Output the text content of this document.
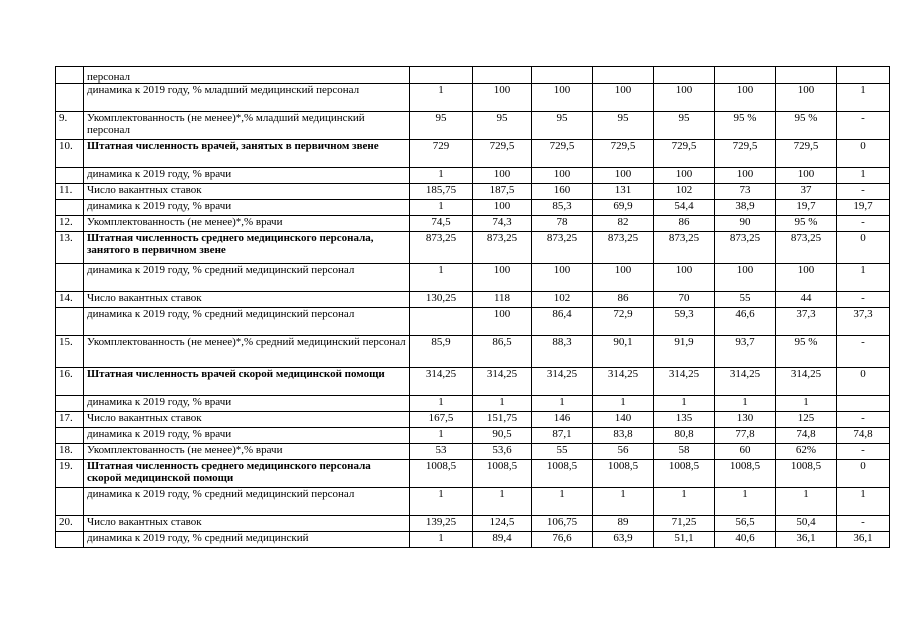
	персонал								
	динамика к 2019 году, % младший медицинский персонал	1	100	100	100	100	100	100	1
9.	Укомплектованность (не менее)*,% младший медицинский персонал	95	95	95	95	95	95 %	95 %	-
10.	Штатная численность врачей, занятых в первичном звене	729	729,5	729,5	729,5	729,5	729,5	729,5	0
	динамика к 2019 году, % врачи	1	100	100	100	100	100	100	1
11.	Число вакантных ставок	185,75	187,5	160	131	102	73	37	-
	динамика к 2019 году, % врачи	1	100	85,3	69,9	54,4	38,9	19,7	19,7
12.	Укомплектованность (не менее)*,% врачи	74,5	74,3	78	82	86	90	95 %	-
13.	Штатная численность среднего медицинского персонала, занятого в первичном звене	873,25	873,25	873,25	873,25	873,25	873,25	873,25	0
	динамика к 2019 году, % средний медицинский персонал	1	100	100	100	100	100	100	1
14.	Число вакантных ставок	130,25	118	102	86	70	55	44	-
	динамика к 2019 году, % средний медицинский персонал		100	86,4	72,9	59,3	46,6	37,3	37,3
15.	Укомплектованность (не менее)*,% средний медицинский персонал	85,9	86,5	88,3	90,1	91,9	93,7	95 %	-
16.	Штатная численность врачей скорой медицинской помощи	314,25	314,25	314,25	314,25	314,25	314,25	314,25	0
	динамика к 2019 году, % врачи	1	1	1	1	1	1	1	
17.	Число вакантных ставок	167,5	151,75	146	140	135	130	125	-
	динамика к 2019 году, % врачи	1	90,5	87,1	83,8	80,8	77,8	74,8	74,8
18.	Укомплектованность (не менее)*,% врачи	53	53,6	55	56	58	60	62%	-
19.	Штатная численность среднего медицинского персонала скорой медицинской помощи	1008,5	1008,5	1008,5	1008,5	1008,5	1008,5	1008,5	0
	динамика к 2019 году, % средний медицинский персонал	1	1	1	1	1	1	1	1
20.	Число вакантных ставок	139,25	124,5	106,75	89	71,25	56,5	50,4	-
	динамика к 2019 году, % средний медицинский	1	89,4	76,6	63,9	51,1	40,6	36,1	36,1
